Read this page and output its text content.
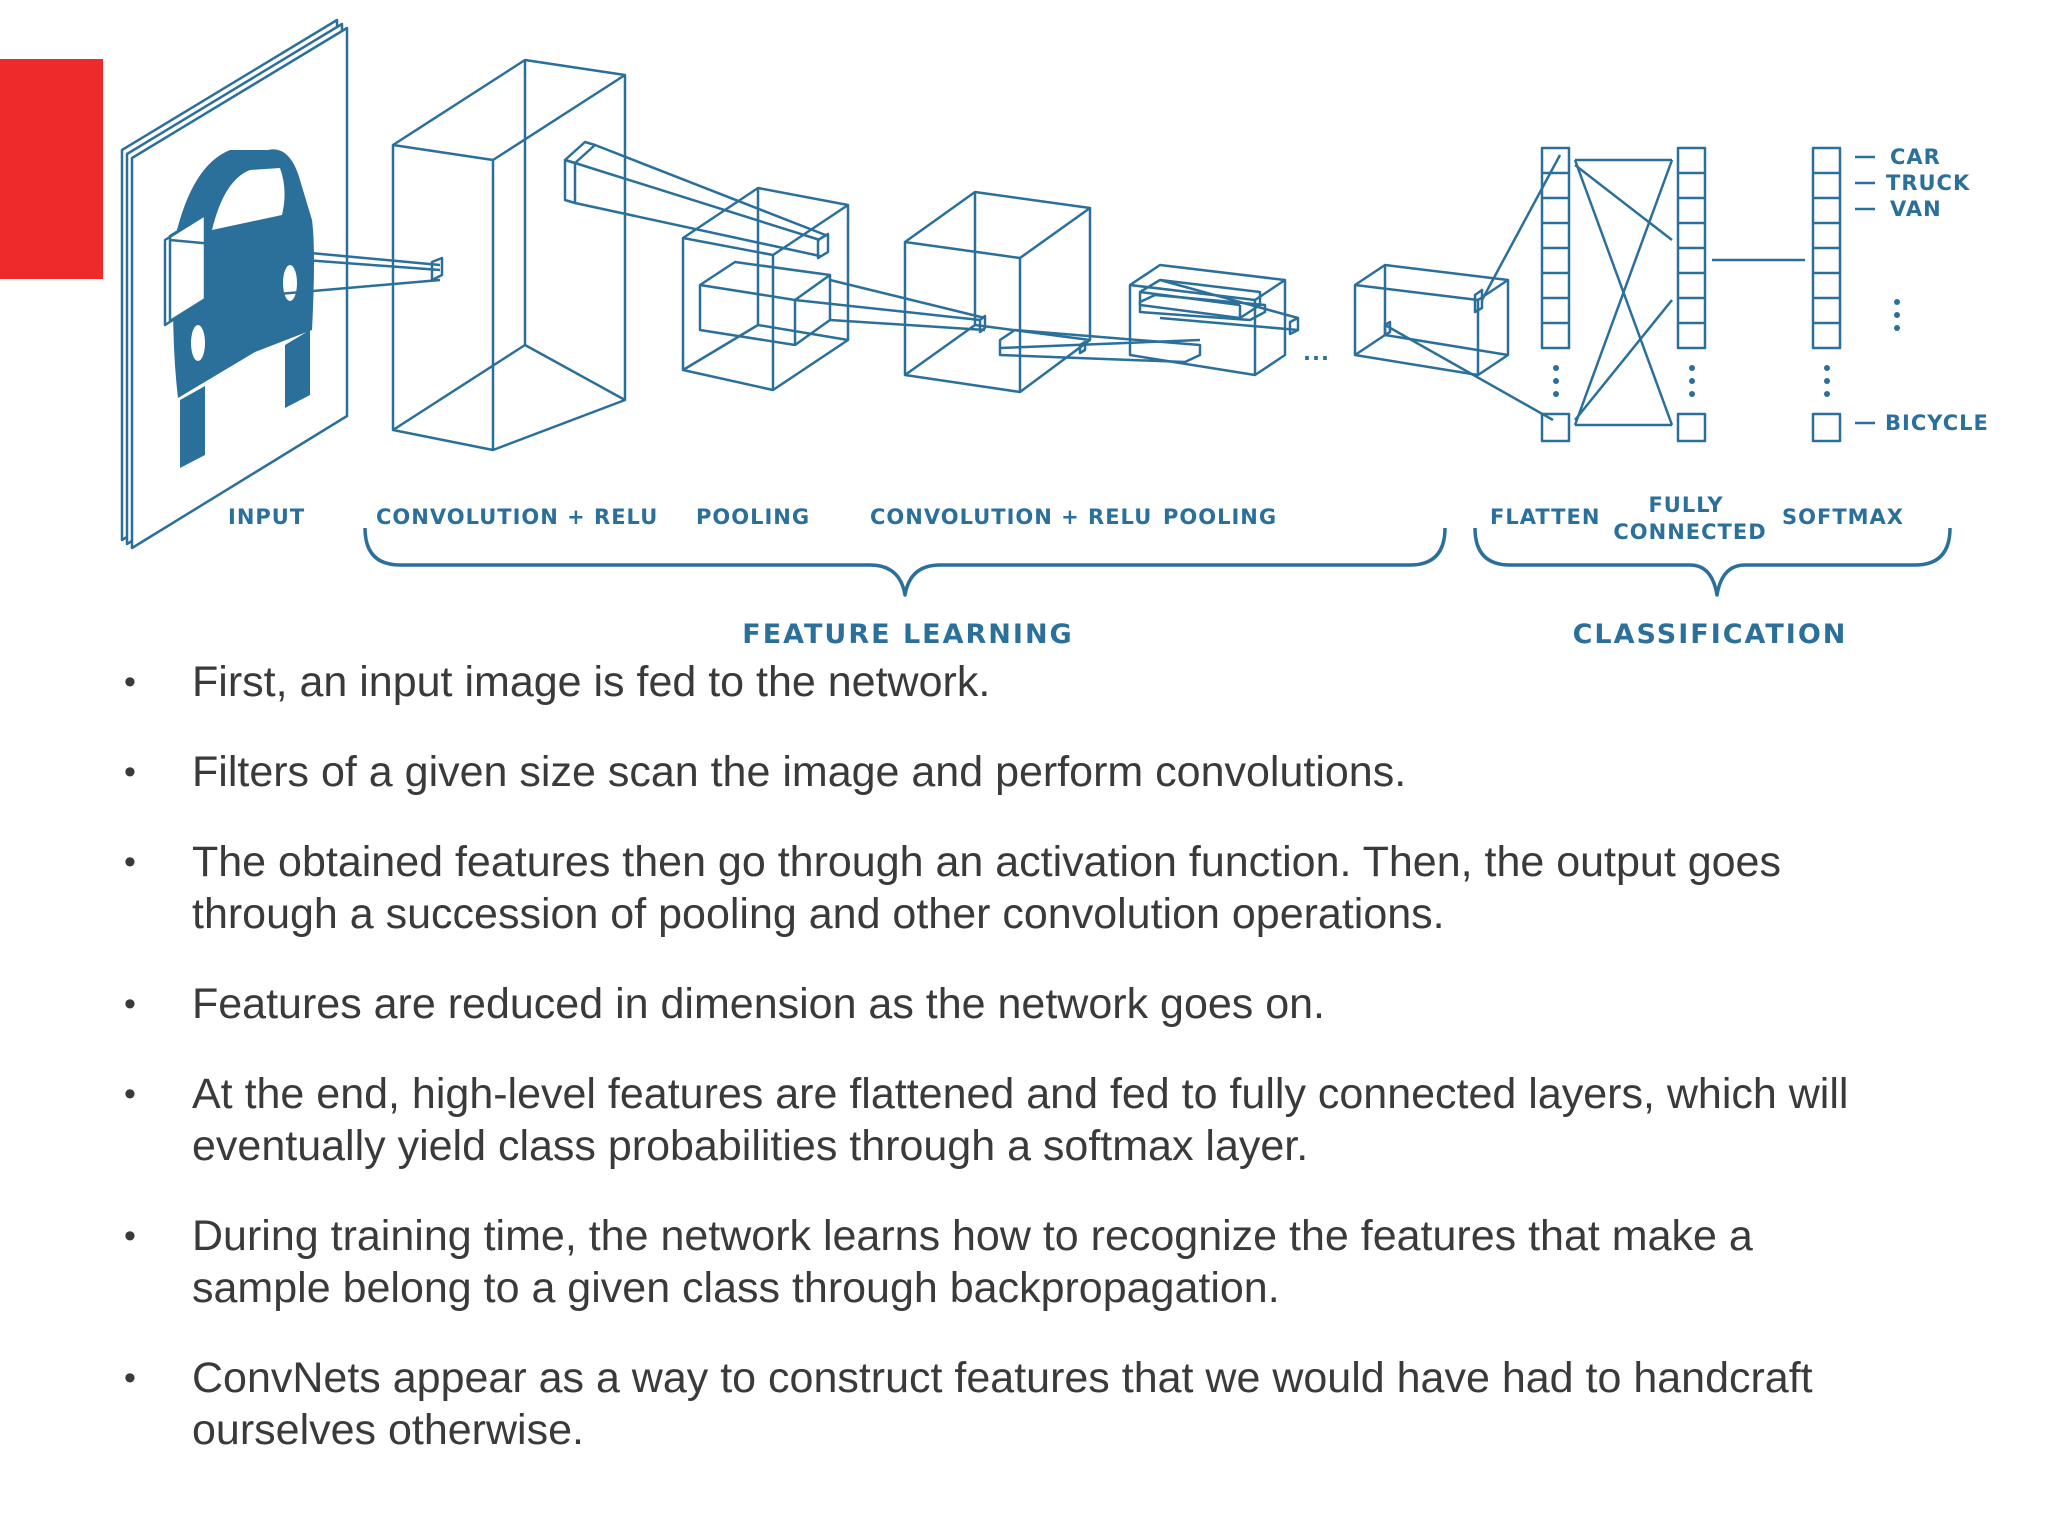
...
INPUT	CONVOLUTION + RELU POOLING	CONVOLUTION + RELU POOLING	FLATTEN FULLY
CONNECTED
SOFTMAX
FEATURE LEARNING	CLASSIFICATION
CAR
TRUCK
VAN
BICYCLE
• First, an input image is fed to the network.
• Filters of a given size scan the image and perform convolutions.
• The obtained features then go through an activation function. Then, the output goes through a succession of pooling and other convolution operations.
• Features are reduced in dimension as the network goes on.
• At the end, high-level features are flattened and fed to fully connected layers, which will eventually yield class probabilities through a softmax layer.
• During training time, the network learns how to recognize the features that make a sample belong to a given class through backpropagation.
• ConvNets appear as a way to construct features that we would have had to handcraft ourselves otherwise.
